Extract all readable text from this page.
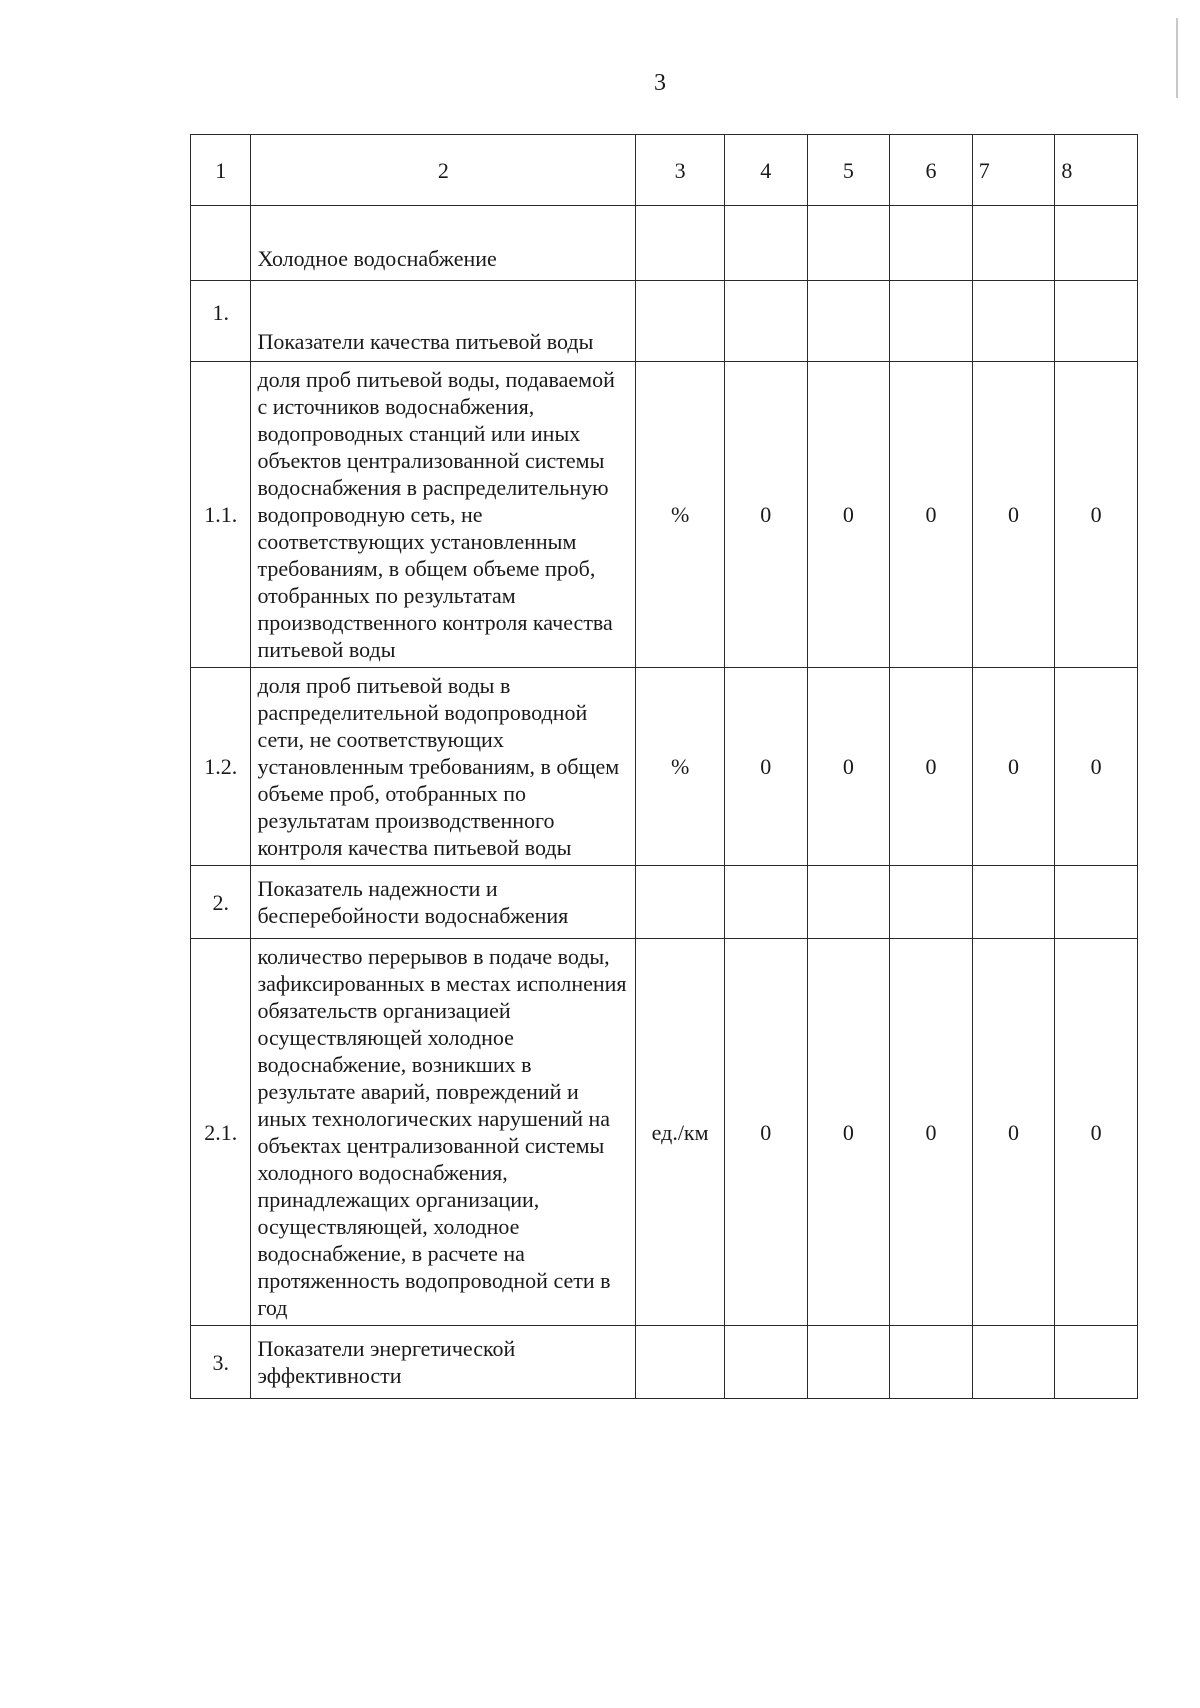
3
1	2	3	4	5	6	7	8
	Холодное водоснабжение						
1.	Показатели качества питьевой воды						
1.1.	доля проб питьевой воды, подаваемой с источников водоснабжения, водопроводных станций или иных объектов централизованной системы водоснабжения в распределительную водопроводную сеть, не соответствующих установленным требованиям, в общем объеме проб, отобранных по результатам производственного контроля качества питьевой воды	%	0	0	0	0	0
1.2.	доля проб питьевой воды в распределительной водопроводной сети, не соответствующих установленным требованиям, в общем объеме проб, отобранных по результатам производственного контроля качества питьевой воды	%	0	0	0	0	0
2.	Показатель надежности и бесперебойности водоснабжения						
2.1.	количество перерывов в подаче воды, зафиксированных в местах исполнения обязательств организацией осуществляющей холодное водоснабжение, возникших в результате аварий, повреждений и иных технологических нарушений на объектах централизованной системы холодного водоснабжения, принадлежащих организации, осуществляющей, холодное водоснабжение, в расчете на протяженность водопроводной сети в год	ед./км	0	0	0	0	0
3.	Показатели энергетической эффективности						
